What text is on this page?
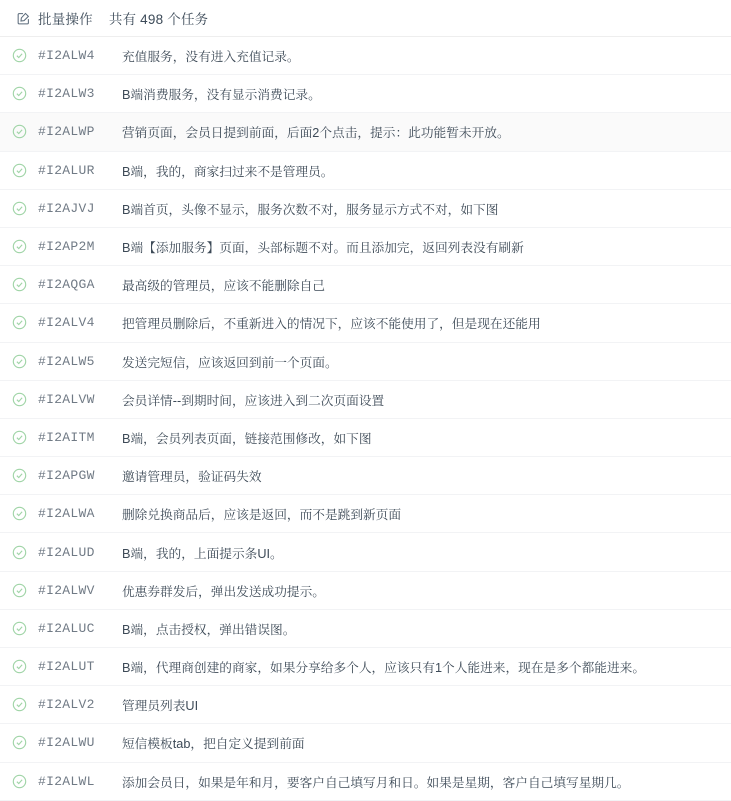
批量操作 共有 498 个任务
#I2ALW4	充值服务，没有进入充值记录。
#I2ALW3	B端消费服务，没有显示消费记录。
#I2ALWP	营销页面，会员日提到前面，后面2个点击，提示：此功能暂未开放。
#I2ALUR	B端，我的，商家扫过来不是管理员。
#I2AJVJ	B端首页，头像不显示，服务次数不对，服务显示方式不对，如下图
#I2AP2M	B端【添加服务】页面，头部标题不对。而且添加完，返回列表没有刷新
#I2AQGA	最高级的管理员，应该不能删除自己
#I2ALV4	把管理员删除后，不重新进入的情况下，应该不能使用了，但是现在还能用
#I2ALW5	发送完短信，应该返回到前一个页面。
#I2ALVW	会员详情--到期时间，应该进入到二次页面设置
#I2AITM	B端，会员列表页面，链接范围修改，如下图
#I2APGW	邀请管理员，验证码失效
#I2ALWA	删除兑换商品后，应该是返回，而不是跳到新页面
#I2ALUD	B端，我的，上面提示条UI。
#I2ALWV	优惠券群发后，弹出发送成功提示。
#I2ALUC	B端，点击授权，弹出错误图。
#I2ALUT	B端，代理商创建的商家，如果分享给多个人，应该只有1个人能进来，现在是多个都能进来。
#I2ALV2	管理员列表UI
#I2ALWU	短信模板tab，把自定义提到前面
#I2ALWL	添加会员日，如果是年和月，要客户自己填写月和日。如果是星期，客户自己填写星期几。
